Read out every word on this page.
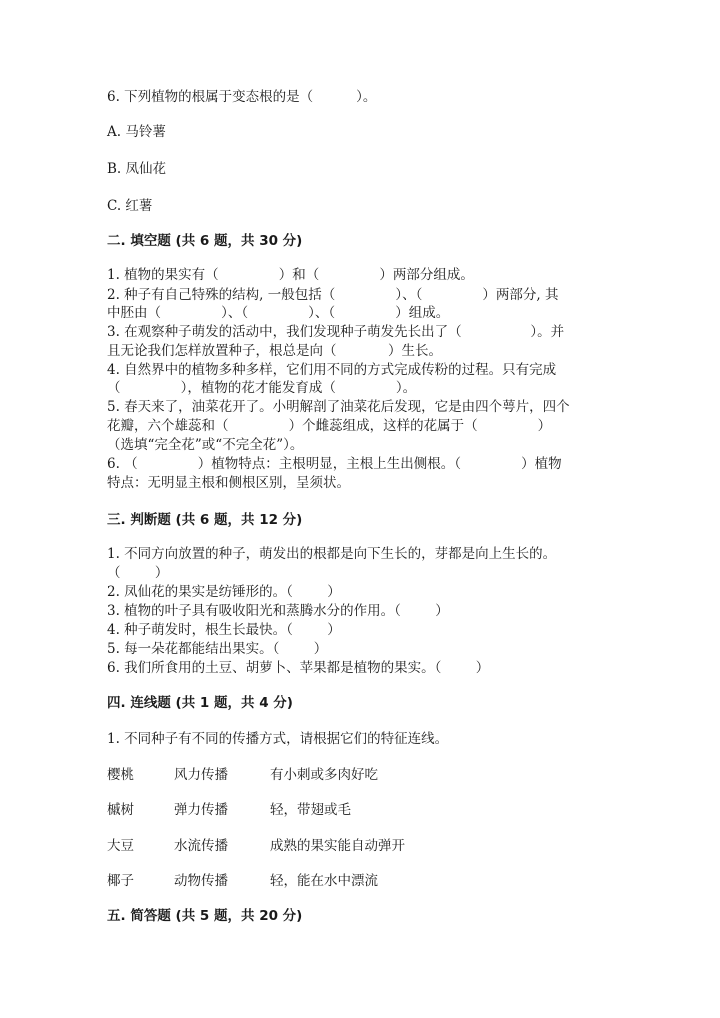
6. 下列植物的根属于变态根的是（          ）。
A. 马铃薯
B. 凤仙花
C. 红薯
二. 填空题 (共 6 题，共 30 分)
1. 植物的果实有（              ）和（              ）两部分组成。
2. 种子有自己特殊的结构, 一般包括（              ）、（              ）两部分, 其
中胚由（              ）、（              ）、（              ）组成。
3. 在观察种子萌发的活动中，我们发现种子萌发先长出了（                ）。并
且无论我们怎样放置种子，根总是向（            ）生长。
4. 自然界中的植物多种多样，它们用不同的方式完成传粉的过程。只有完成
（              ），植物的花才能发育成（              ）。
5. 春天来了，油菜花开了。小明解剖了油菜花后发现，它是由四个萼片，四个
花瓣，六个雄蕊和（              ）个雌蕊组成，这样的花属于（              ）
（选填“完全花”或“不完全花”）。
6. （              ）植物特点：主根明显，主根上生出侧根。（              ）植物
特点：无明显主根和侧根区别，呈须状。
三. 判断题 (共 6 题，共 12 分)
1. 不同方向放置的种子，萌发出的根都是向下生长的，芽都是向上生长的。
（        ）
2. 凤仙花的果实是纺锤形的。（        ）
3. 植物的叶子具有吸收阳光和蒸腾水分的作用。（        ）
4. 种子萌发时，根生长最快。（        ）
5. 每一朵花都能结出果实。（        ）
6. 我们所食用的土豆、胡萝卜、苹果都是植物的果实。（        ）
四. 连线题 (共 1 题，共 4 分)
1. 不同种子有不同的传播方式，请根据它们的特征连线。
樱桃	风力传播	有小刺或多肉好吃
槭树	弹力传播	轻，带翅或毛
大豆	水流传播	成熟的果实能自动弹开
椰子	动物传播	轻，能在水中漂流
五. 简答题 (共 5 题，共 20 分)
